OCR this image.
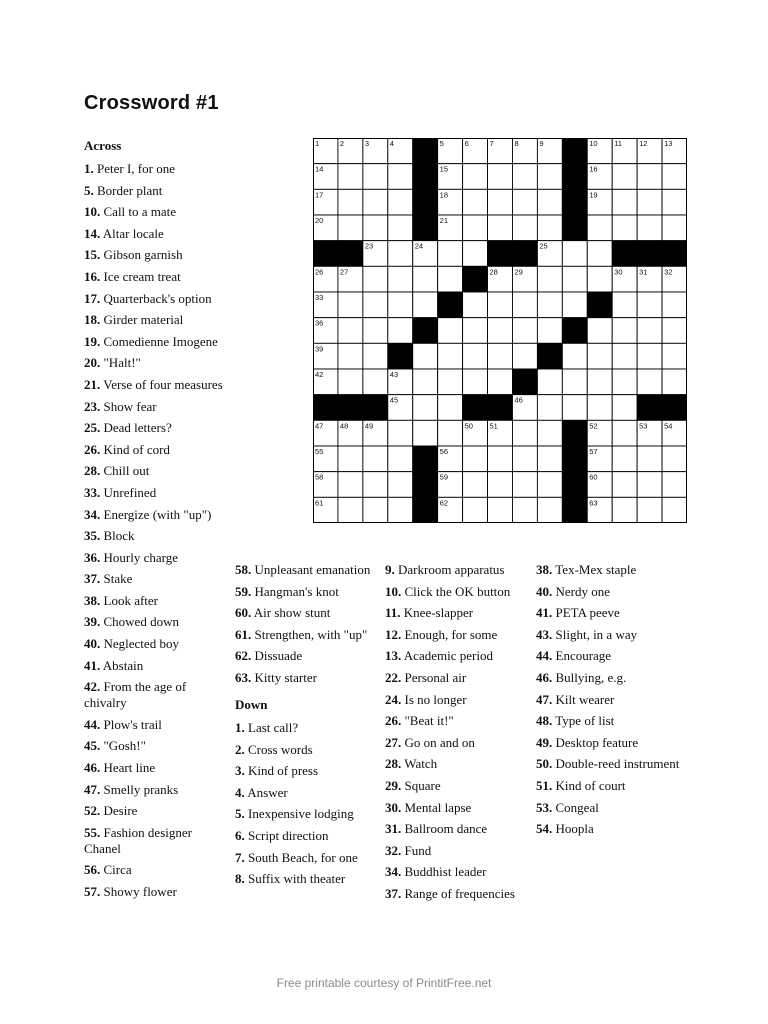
Crossword #1
1	2	3	4	5	6	7	8	9	10 11 12 13
14	15	16
17	18	19
20	21
23	24	25
26 27	28 29	30 31 32
33
36
39
42	43
45	46
47 48 49	50 51	52	53 54
55	56	57
58	59	60
61	62	63
Across
1. Peter I, for one
5. Border plant
10. Call to a mate
14. Altar locale
15. Gibson garnish
16. Ice cream treat
17. Quarterback's option
18. Girder material
19. Comedienne Imogene
20. "Halt!"
21. Verse of four measures
23. Show fear
25. Dead letters?
26. Kind of cord
28. Chill out
33. Unrefined
34. Energize (with "up")
35. Block
36. Hourly charge
37. Stake
38. Look after
39. Chowed down
40. Neglected boy
41. Abstain
42. From the age of chivalry
44. Plow's trail
45. "Gosh!"
46. Heart line
47. Smelly pranks
52. Desire
55. Fashion designer Chanel
56. Circa
57. Showy flower
58. Unpleasant emanation
59. Hangman's knot
60. Air show stunt
61. Strengthen, with "up"
62. Dissuade
63. Kitty starter
Down
1. Last call?
2. Cross words
3. Kind of press
4. Answer
5. Inexpensive lodging
6. Script direction
7. South Beach, for one
8. Suffix with theater
9. Darkroom apparatus
10. Click the OK button
11. Knee-slapper
12. Enough, for some
13. Academic period
22. Personal air
24. Is no longer
26. "Beat it!"
27. Go on and on
28. Watch
29. Square
30. Mental lapse
31. Ballroom dance
32. Fund
34. Buddhist leader
37. Range of frequencies
38. Tex-Mex staple
40. Nerdy one
41. PETA peeve
43. Slight, in a way
44. Encourage
46. Bullying, e.g.
47. Kilt wearer
48. Type of list
49. Desktop feature
50. Double-reed instrument
51. Kind of court
53. Congeal
54. Hoopla
Free printable courtesy of PrintitFree.net
